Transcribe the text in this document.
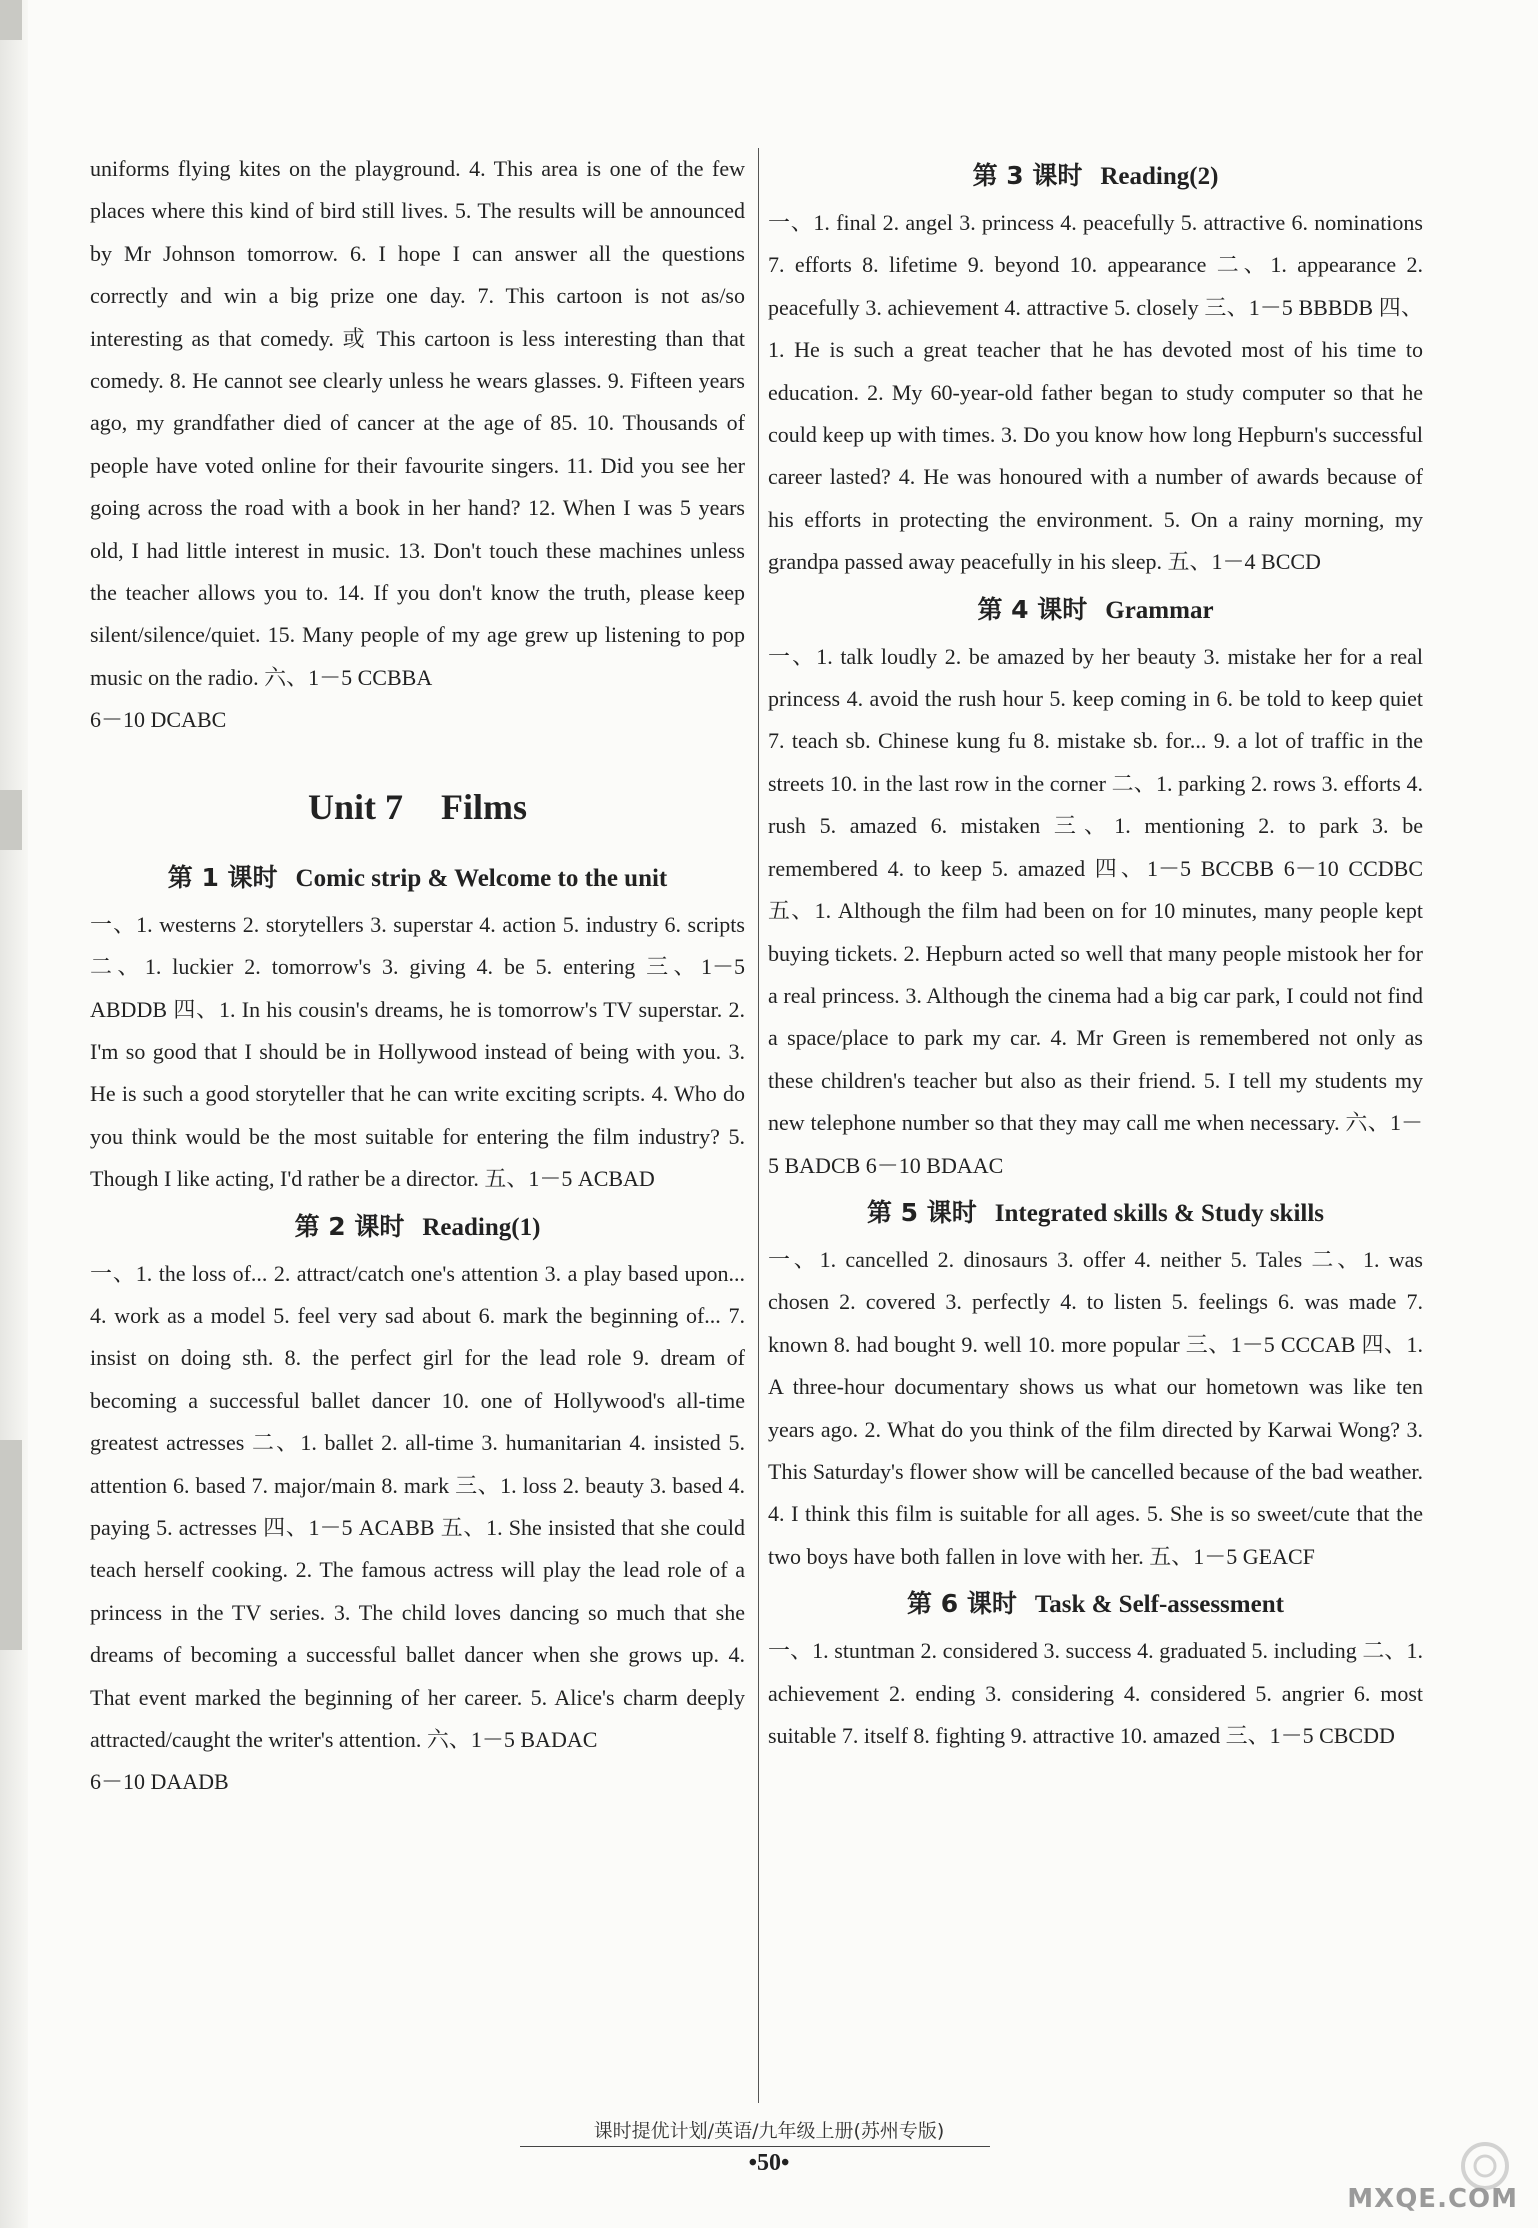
uniforms flying kites on the playground. 4. This area is one of the few places where this kind of bird still lives. 5. The results will be announced by Mr Johnson tomorrow. 6. I hope I can answer all the questions correctly and win a big prize one day. 7. This cartoon is not as/so interesting as that comedy. 或 This cartoon is less interesting than that comedy. 8. He cannot see clearly unless he wears glasses. 9. Fifteen years ago, my grandfather died of cancer at the age of 85. 10. Thousands of people have voted online for their favourite singers. 11. Did you see her going across the road with a book in her hand? 12. When I was 5 years old, I had little interest in music. 13. Don't touch these machines unless the teacher allows you to. 14. If you don't know the truth, please keep silent/silence/quiet. 15. Many people of my age grew up listening to pop music on the radio. 六、1－5 CCBBA

6－10 DCABC

Unit 7 Films
第 1 课时 Comic strip & Welcome to the unit

一、1. westerns 2. storytellers 3. superstar 4. action 5. industry 6. scripts 二、1. luckier 2. tomorrow's 3. giving 4. be 5. entering 三、1－5 ABDDB 四、1. In his cousin's dreams, he is tomorrow's TV superstar. 2. I'm so good that I should be in Hollywood instead of being with you. 3. He is such a good storyteller that he can write exciting scripts. 4. Who do you think would be the most suitable for entering the film industry? 5. Though I like acting, I'd rather be a director. 五、1－5 ACBAD

第 2 课时 Reading(1)

一、1. the loss of... 2. attract/catch one's attention 3. a play based upon... 4. work as a model 5. feel very sad about 6. mark the beginning of... 7. insist on doing sth. 8. the perfect girl for the lead role 9. dream of becoming a successful ballet dancer 10. one of Hollywood's all-time greatest actresses 二、1. ballet 2. all-time 3. humanitarian 4. insisted 5. attention 6. based 7. major/main 8. mark 三、1. loss 2. beauty 3. based 4. paying 5. actresses 四、1－5 ACABB 五、1. She insisted that she could teach herself cooking. 2. The famous actress will play the lead role of a princess in the TV series. 3. The child loves dancing so much that she dreams of becoming a successful ballet dancer when she grows up. 4. That event marked the beginning of her career. 5. Alice's charm deeply attracted/caught the writer's attention. 六、1－5 BADAC

6－10 DAADB

第 3 课时 Reading(2)

一、1. final 2. angel 3. princess 4. peacefully 5. attractive 6. nominations 7. efforts 8. lifetime 9. beyond 10. appearance 二、1. appearance 2. peacefully 3. achievement 4. attractive 5. closely 三、1－5 BBBDB 四、1. He is such a great teacher that he has devoted most of his time to education. 2. My 60-year-old father began to study computer so that he could keep up with times. 3. Do you know how long Hepburn's successful career lasted? 4. He was honoured with a number of awards because of his efforts in protecting the environment. 5. On a rainy morning, my grandpa passed away peacefully in his sleep. 五、1－4 BCCD

第 4 课时 Grammar

一、1. talk loudly 2. be amazed by her beauty 3. mistake her for a real princess 4. avoid the rush hour 5. keep coming in 6. be told to keep quiet 7. teach sb. Chinese kung fu 8. mistake sb. for... 9. a lot of traffic in the streets 10. in the last row in the corner 二、1. parking 2. rows 3. efforts 4. rush 5. amazed 6. mistaken 三、1. mentioning 2. to park 3. be remembered 4. to keep 5. amazed 四、1－5 BCCBB 6－10 CCDBC 五、1. Although the film had been on for 10 minutes, many people kept buying tickets. 2. Hepburn acted so well that many people mistook her for a real princess. 3. Although the cinema had a big car park, I could not find a space/place to park my car. 4. Mr Green is remembered not only as these children's teacher but also as their friend. 5. I tell my students my new telephone number so that they may call me when necessary. 六、1－5 BADCB 6－10 BDAAC

第 5 课时 Integrated skills & Study skills

一、1. cancelled 2. dinosaurs 3. offer 4. neither 5. Tales 二、1. was chosen 2. covered 3. perfectly 4. to listen 5. feelings 6. was made 7. known 8. had bought 9. well 10. more popular 三、1－5 CCCAB 四、1. A three-hour documentary shows us what our hometown was like ten years ago. 2. What do you think of the film directed by Karwai Wong? 3. This Saturday's flower show will be cancelled because of the bad weather. 4. I think this film is suitable for all ages. 5. She is so sweet/cute that the two boys have both fallen in love with her. 五、1－5 GEACF

第 6 课时 Task & Self-assessment

一、1. stuntman 2. considered 3. success 4. graduated 5. including 二、1. achievement 2. ending 3. considering 4. considered 5. angrier 6. most suitable 7. itself 8. fighting 9. attractive 10. amazed 三、1－5 CBCDD

课时提优计划/英语/九年级上册(苏州专版)
•50•
MXQE.COM
